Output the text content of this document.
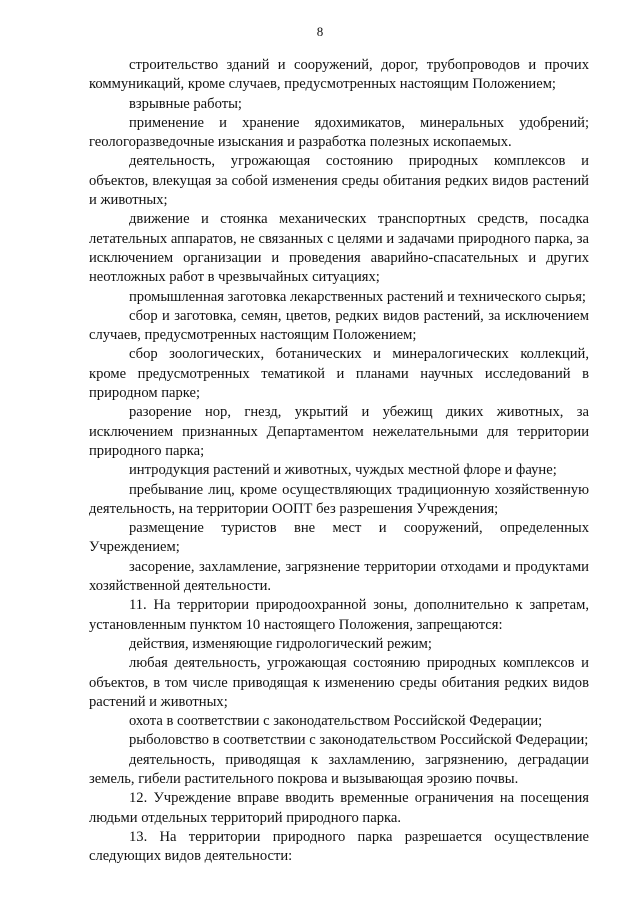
8

строительство зданий и сооружений, дорог, трубопроводов и прочих коммуникаций, кроме случаев, предусмотренных настоящим Положением;

взрывные работы;

применение и хранение ядохимикатов, минеральных удобрений; геологоразведочные изыскания и разработка полезных ископаемых.

деятельность, угрожающая состоянию природных комплексов и объектов, влекущая за собой изменения среды обитания редких видов растений и животных;

движение и стоянка механических транспортных средств, посадка летательных аппаратов, не связанных с целями и задачами природного парка, за исключением организации и проведения аварийно-спасательных и других неотложных работ в чрезвычайных ситуациях;

промышленная заготовка лекарственных растений и технического сырья;

сбор и заготовка, семян, цветов, редких видов растений, за исключением случаев, предусмотренных настоящим Положением;

сбор зоологических, ботанических и минералогических коллекций, кроме предусмотренных тематикой и планами научных исследований в природном парке;

разорение нор, гнезд, укрытий и убежищ диких животных, за исключением признанных Департаментом нежелательными для территории природного парка;

интродукция растений и животных, чуждых местной флоре и фауне;

пребывание лиц, кроме осуществляющих традиционную хозяйственную деятельность, на территории ООПТ без разрешения Учреждения;

размещение туристов вне мест и сооружений, определенных Учреждением;

засорение, захламление, загрязнение территории отходами и продуктами хозяйственной деятельности.

11. На территории природоохранной зоны, дополнительно к запретам, установленным пунктом 10 настоящего Положения, запрещаются:

действия, изменяющие гидрологический режим;

любая деятельность, угрожающая состоянию природных комплексов и объектов, в том числе приводящая к изменению среды обитания редких видов растений и животных;

охота в соответствии с законодательством Российской Федерации;

рыболовство в соответствии с законодательством Российской Федерации;

деятельность, приводящая к захламлению, загрязнению, деградации земель, гибели растительного покрова и вызывающая эрозию почвы.

12. Учреждение вправе вводить временные ограничения на посещения людьми отдельных территорий природного парка.

13. На территории природного парка разрешается осуществление следующих видов деятельности:
